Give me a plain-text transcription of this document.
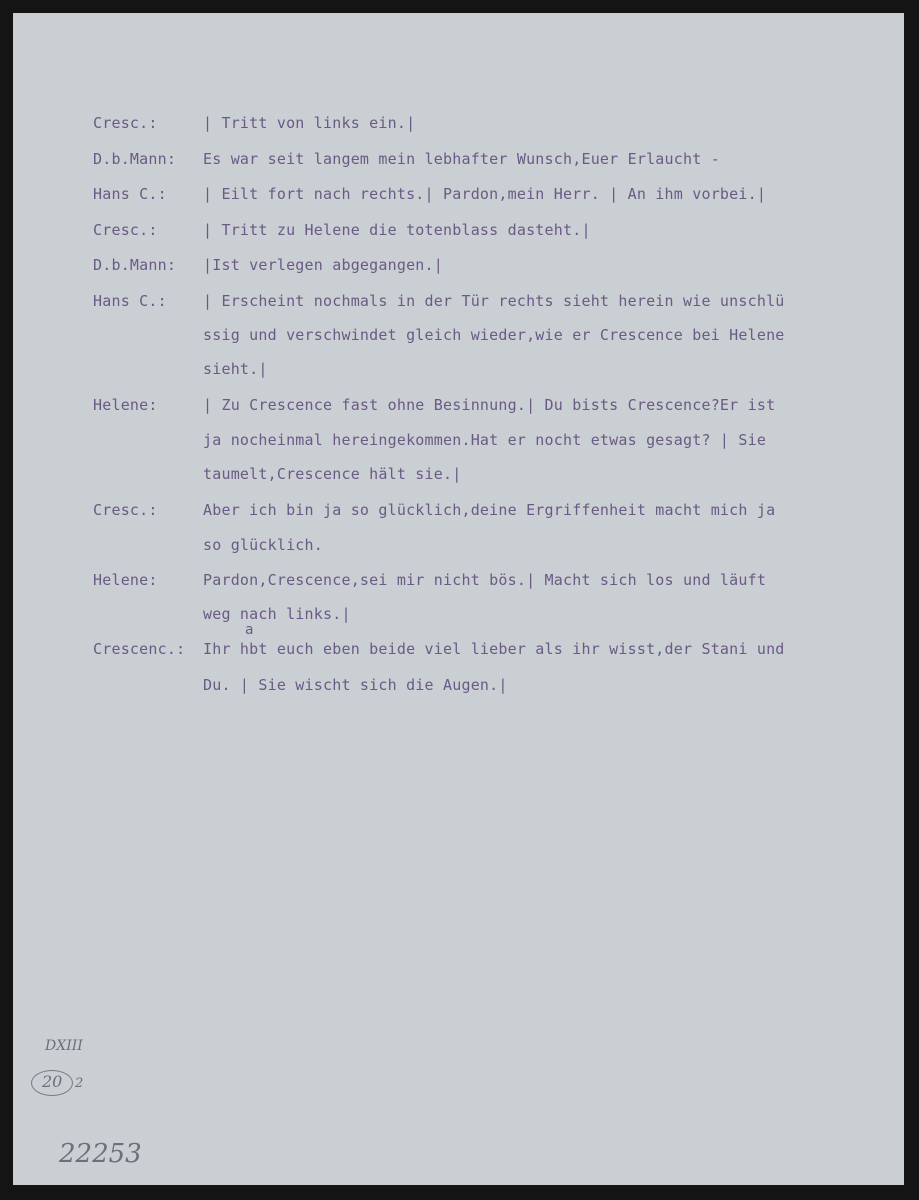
Cresc.:
D.b.Mann:
Hans C.:
Cresc.:
D.b.Mann:
Hans C.:
Helene:
Cresc.:
Helene:
Crescenc.:
| Tritt von links ein.|
Es war seit langem mein lebhafter Wunsch,Euer Erlaucht -
| Eilt fort nach rechts.| Pardon,mein Herr. | An ihm vorbei.|
| Tritt zu Helene die totenblass dasteht.|
|Ist verlegen abgegangen.|
| Erscheint nochmals in der Tür rechts sieht herein wie unschlü
ssig und verschwindet gleich wieder,wie er Crescence bei Helene
sieht.|
| Zu Crescence fast ohne Besinnung.| Du bists Crescence?Er ist
ja nocheinmal hereingekommen.Hat er nocht etwas gesagt? | Sie
taumelt,Crescence hält sie.|
Aber ich bin ja so glücklich,deine Ergriffenheit macht mich ja
so glücklich.
Pardon,Crescence,sei mir nicht bös.| Macht sich los und läuft
weg nach links.|
Ihr hbt euch eben beide viel lieber als ihr wisst,der Stani und
Du. | Sie wischt sich die Augen.|
a
DXIII
20 2
22253
